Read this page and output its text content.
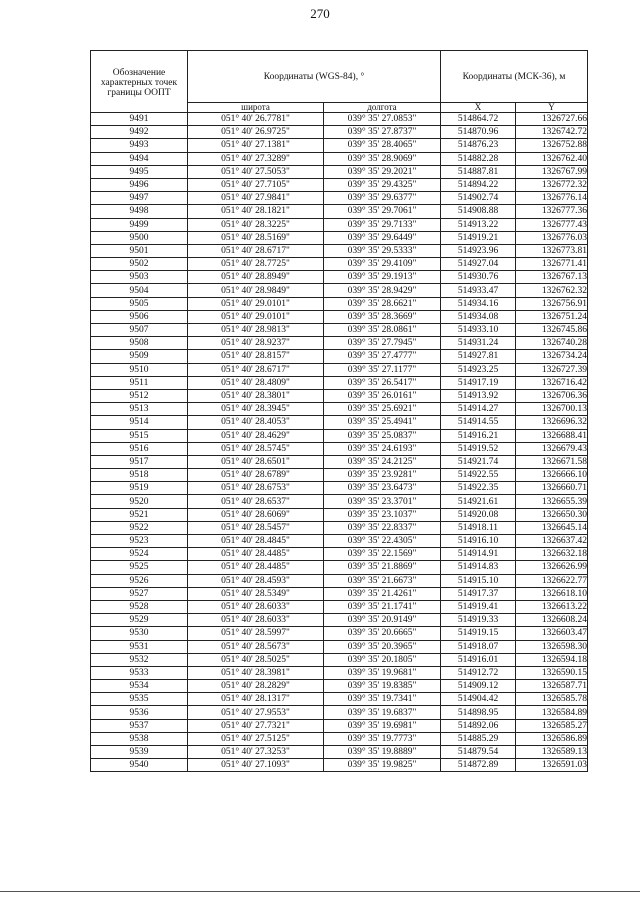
270
Обозначение характерных точек границы ООПТ	Координаты (WGS-84), °		Координаты (МСК-36), м	
	широта	долгота	X	Y
9491	051° 40' 26.7781"	039° 35' 27.0853"	514864.72	1326727.66
9492	051° 40' 26.9725"	039° 35' 27.8737"	514870.96	1326742.72
9493	051° 40' 27.1381"	039° 35' 28.4065"	514876.23	1326752.88
9494	051° 40' 27.3289"	039° 35' 28.9069"	514882.28	1326762.40
9495	051° 40' 27.5053"	039° 35' 29.2021"	514887.81	1326767.99
9496	051° 40' 27.7105"	039° 35' 29.4325"	514894.22	1326772.32
9497	051° 40' 27.9841"	039° 35' 29.6377"	514902.74	1326776.14
9498	051° 40' 28.1821"	039° 35' 29.7061"	514908.88	1326777.36
9499	051° 40' 28.3225"	039° 35' 29.7133"	514913.22	1326777.43
9500	051° 40' 28.5169"	039° 35' 29.6449"	514919.21	1326776.03
9501	051° 40' 28.6717"	039° 35' 29.5333"	514923.96	1326773.81
9502	051° 40' 28.7725"	039° 35' 29.4109"	514927.04	1326771.41
9503	051° 40' 28.8949"	039° 35' 29.1913"	514930.76	1326767.13
9504	051° 40' 28.9849"	039° 35' 28.9429"	514933.47	1326762.32
9505	051° 40' 29.0101"	039° 35' 28.6621"	514934.16	1326756.91
9506	051° 40' 29.0101"	039° 35' 28.3669"	514934.08	1326751.24
9507	051° 40' 28.9813"	039° 35' 28.0861"	514933.10	1326745.86
9508	051° 40' 28.9237"	039° 35' 27.7945"	514931.24	1326740.28
9509	051° 40' 28.8157"	039° 35' 27.4777"	514927.81	1326734.24
9510	051° 40' 28.6717"	039° 35' 27.1177"	514923.25	1326727.39
9511	051° 40' 28.4809"	039° 35' 26.5417"	514917.19	1326716.42
9512	051° 40' 28.3801"	039° 35' 26.0161"	514913.92	1326706.36
9513	051° 40' 28.3945"	039° 35' 25.6921"	514914.27	1326700.13
9514	051° 40' 28.4053"	039° 35' 25.4941"	514914.55	1326696.32
9515	051° 40' 28.4629"	039° 35' 25.0837"	514916.21	1326688.41
9516	051° 40' 28.5745"	039° 35' 24.6193"	514919.52	1326679.43
9517	051° 40' 28.6501"	039° 35' 24.2125"	514921.74	1326671.58
9518	051° 40' 28.6789"	039° 35' 23.9281"	514922.55	1326666.10
9519	051° 40' 28.6753"	039° 35' 23.6473"	514922.35	1326660.71
9520	051° 40' 28.6537"	039° 35' 23.3701"	514921.61	1326655.39
9521	051° 40' 28.6069"	039° 35' 23.1037"	514920.08	1326650.30
9522	051° 40' 28.5457"	039° 35' 22.8337"	514918.11	1326645.14
9523	051° 40' 28.4845"	039° 35' 22.4305"	514916.10	1326637.42
9524	051° 40' 28.4485"	039° 35' 22.1569"	514914.91	1326632.18
9525	051° 40' 28.4485"	039° 35' 21.8869"	514914.83	1326626.99
9526	051° 40' 28.4593"	039° 35' 21.6673"	514915.10	1326622.77
9527	051° 40' 28.5349"	039° 35' 21.4261"	514917.37	1326618.10
9528	051° 40' 28.6033"	039° 35' 21.1741"	514919.41	1326613.22
9529	051° 40' 28.6033"	039° 35' 20.9149"	514919.33	1326608.24
9530	051° 40' 28.5997"	039° 35' 20.6665"	514919.15	1326603.47
9531	051° 40' 28.5673"	039° 35' 20.3965"	514918.07	1326598.30
9532	051° 40' 28.5025"	039° 35' 20.1805"	514916.01	1326594.18
9533	051° 40' 28.3981"	039° 35' 19.9681"	514912.72	1326590.15
9534	051° 40' 28.2829"	039° 35' 19.8385"	514909.12	1326587.71
9535	051° 40' 28.1317"	039° 35' 19.7341"	514904.42	1326585.78
9536	051° 40' 27.9553"	039° 35' 19.6837"	514898.95	1326584.89
9537	051° 40' 27.7321"	039° 35' 19.6981"	514892.06	1326585.27
9538	051° 40' 27.5125"	039° 35' 19.7773"	514885.29	1326586.89
9539	051° 40' 27.3253"	039° 35' 19.8889"	514879.54	1326589.13
9540	051° 40' 27.1093"	039° 35' 19.9825"	514872.89	1326591.03
